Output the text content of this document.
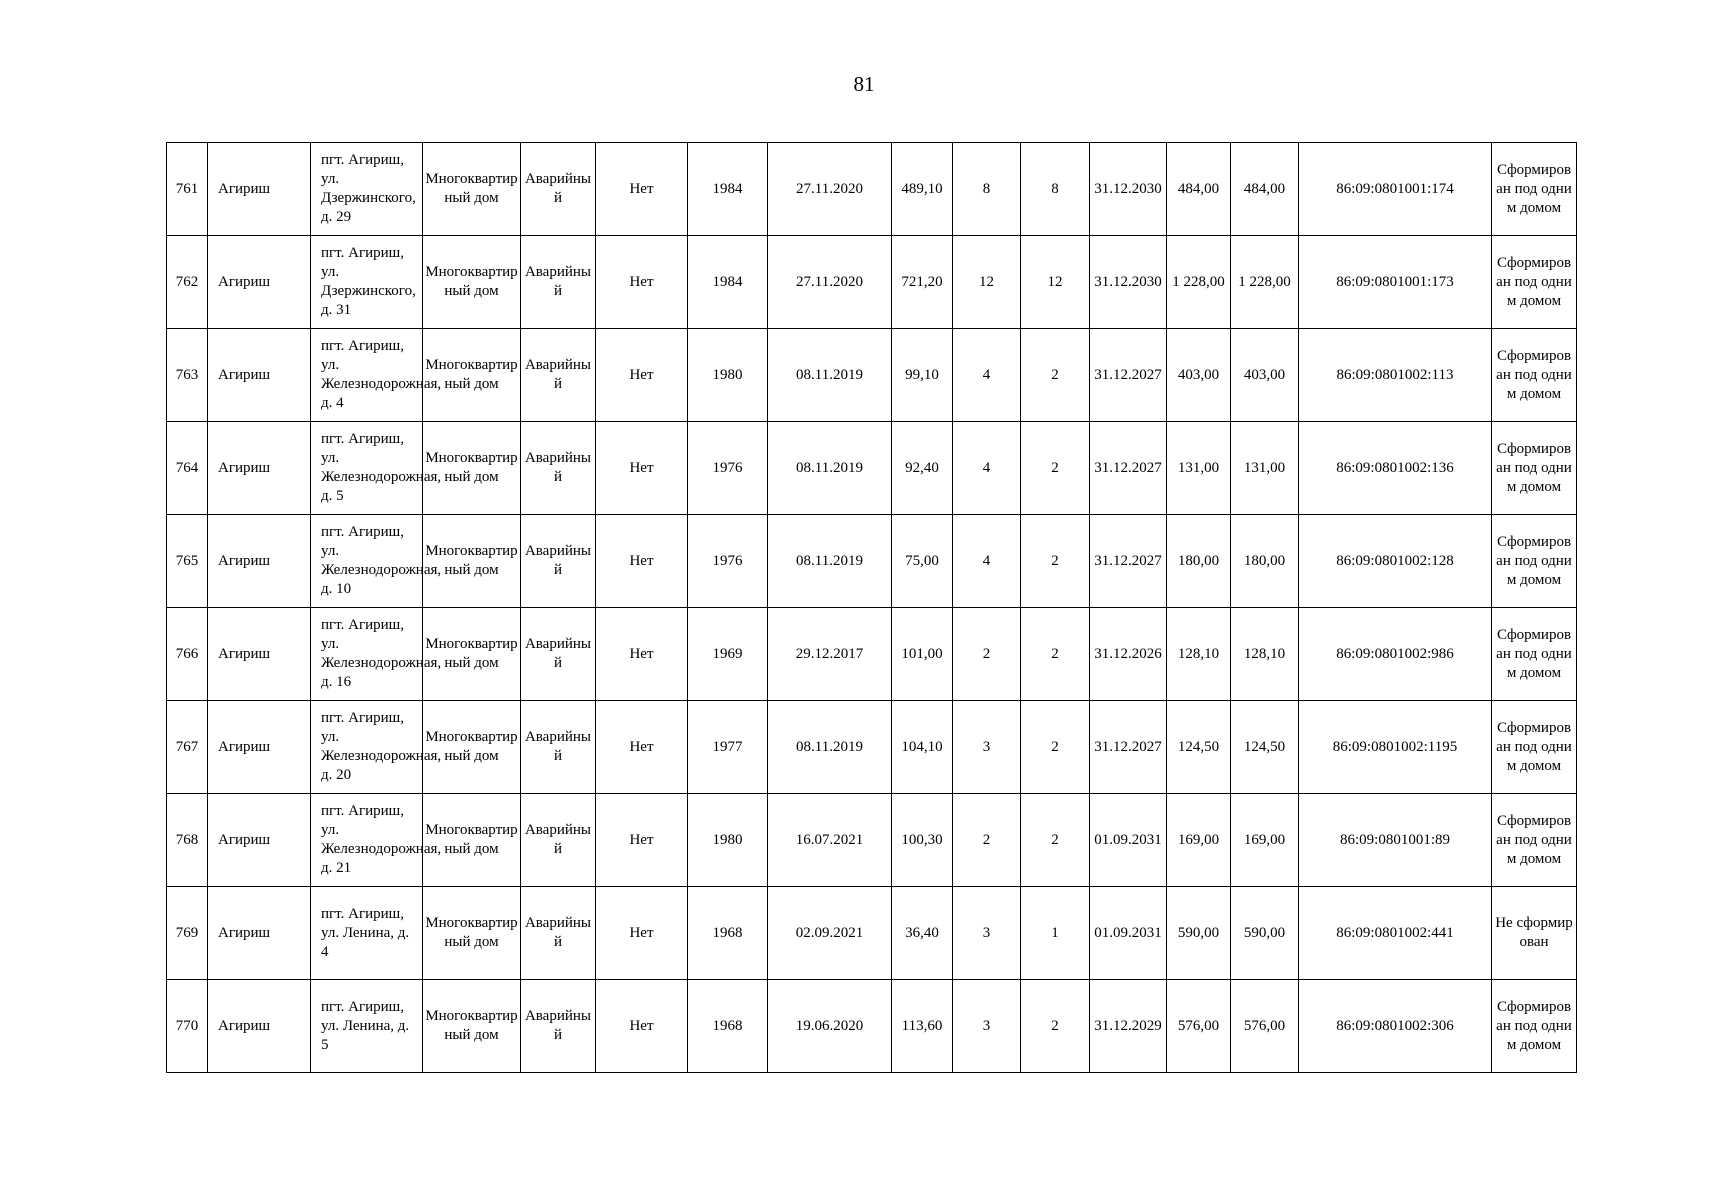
81
761	Агириш	пгт. Агириш, ул. Дзержинского, д. 29	Многоквартирный дом	Аварийный	Нет	1984	27.11.2020	489,10	8	8	31.12.2030	484,00	484,00	86:09:0801001:174	Сформирован под одним домом
762	Агириш	пгт. Агириш, ул. Дзержинского, д. 31	Многоквартирный дом	Аварийный	Нет	1984	27.11.2020	721,20	12	12	31.12.2030	1 228,00	1 228,00	86:09:0801001:173	Сформирован под одним домом
763	Агириш	пгт. Агириш, ул. Железнодорожная, д. 4	Многоквартирный дом	Аварийный	Нет	1980	08.11.2019	99,10	4	2	31.12.2027	403,00	403,00	86:09:0801002:113	Сформирован под одним домом
764	Агириш	пгт. Агириш, ул. Железнодорожная, д. 5	Многоквартирный дом	Аварийный	Нет	1976	08.11.2019	92,40	4	2	31.12.2027	131,00	131,00	86:09:0801002:136	Сформирован под одним домом
765	Агириш	пгт. Агириш, ул. Железнодорожная, д. 10	Многоквартирный дом	Аварийный	Нет	1976	08.11.2019	75,00	4	2	31.12.2027	180,00	180,00	86:09:0801002:128	Сформирован под одним домом
766	Агириш	пгт. Агириш, ул. Железнодорожная, д. 16	Многоквартирный дом	Аварийный	Нет	1969	29.12.2017	101,00	2	2	31.12.2026	128,10	128,10	86:09:0801002:986	Сформирован под одним домом
767	Агириш	пгт. Агириш, ул. Железнодорожная, д. 20	Многоквартирный дом	Аварийный	Нет	1977	08.11.2019	104,10	3	2	31.12.2027	124,50	124,50	86:09:0801002:1195	Сформирован под одним домом
768	Агириш	пгт. Агириш, ул. Железнодорожная, д. 21	Многоквартирный дом	Аварийный	Нет	1980	16.07.2021	100,30	2	2	01.09.2031	169,00	169,00	86:09:0801001:89	Сформирован под одним домом
769	Агириш	пгт. Агириш, ул. Ленина, д. 4	Многоквартирный дом	Аварийный	Нет	1968	02.09.2021	36,40	3	1	01.09.2031	590,00	590,00	86:09:0801002:441	Не сформирован
770	Агириш	пгт. Агириш, ул. Ленина, д. 5	Многоквартирный дом	Аварийный	Нет	1968	19.06.2020	113,60	3	2	31.12.2029	576,00	576,00	86:09:0801002:306	Сформирован под одним домом
